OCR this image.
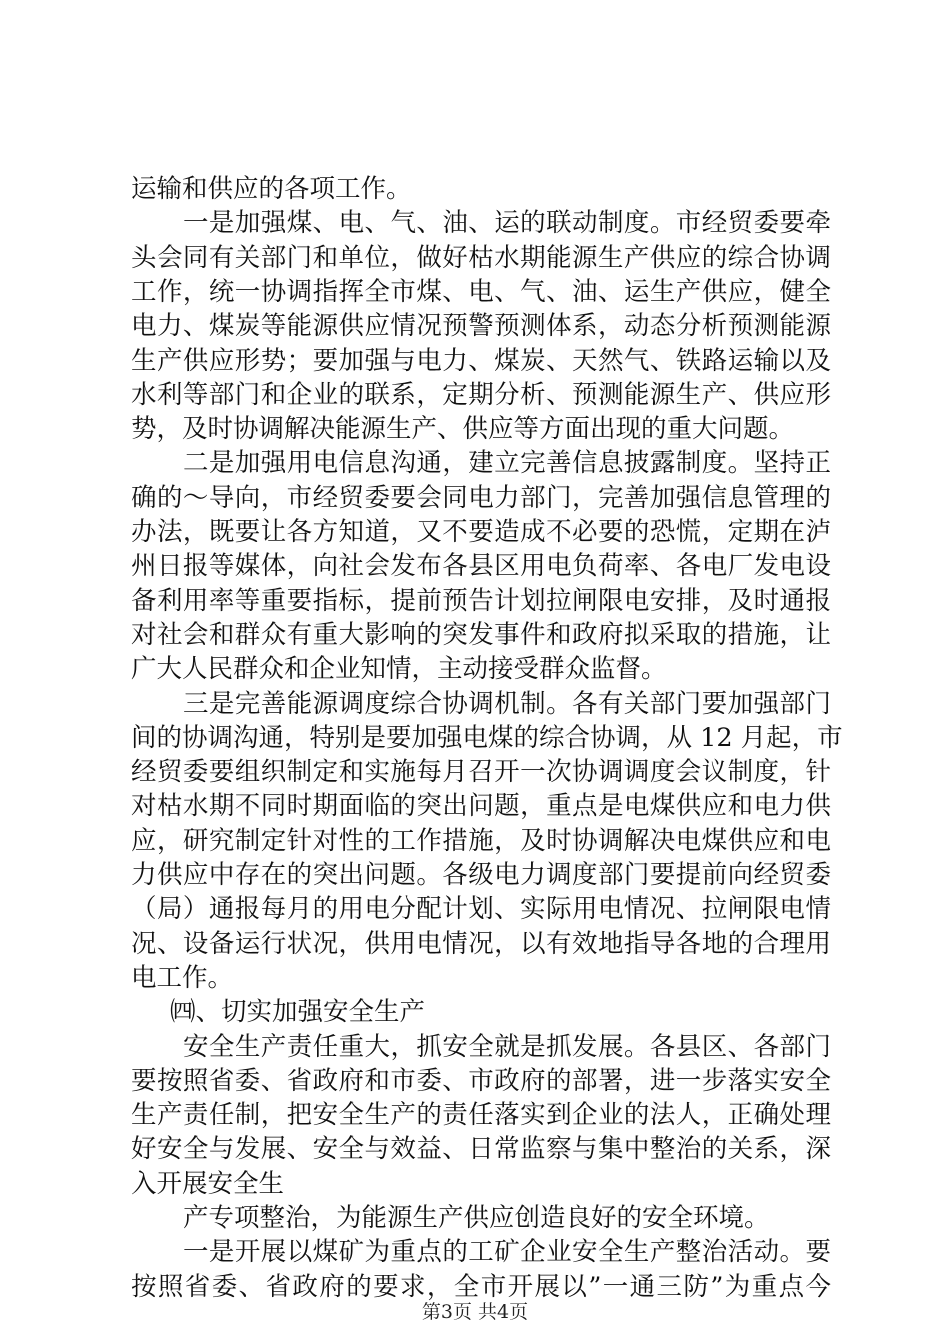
运输和供应的各项工作。
一是加强煤、电、气、油、运的联动制度。市经贸委要牵
头会同有关部门和单位，做好枯水期能源生产供应的综合协调
工作，统一协调指挥全市煤、电、气、油、运生产供应，健全
电力、煤炭等能源供应情况预警预测体系，动态分析预测能源
生产供应形势；要加强与电力、煤炭、天然气、铁路运输以及
水利等部门和企业的联系，定期分析、预测能源生产、供应形
势，及时协调解决能源生产、供应等方面出现的重大问题。
二是加强用电信息沟通，建立完善信息披露制度。坚持正
确的～导向，市经贸委要会同电力部门，完善加强信息管理的
办法，既要让各方知道，又不要造成不必要的恐慌，定期在泸
州日报等媒体，向社会发布各县区用电负荷率、各电厂发电设
备利用率等重要指标，提前预告计划拉闸限电安排，及时通报
对社会和群众有重大影响的突发事件和政府拟采取的措施，让
广大人民群众和企业知情，主动接受群众监督。
三是完善能源调度综合协调机制。各有关部门要加强部门
间的协调沟通，特别是要加强电煤的综合协调，从 12 月起，市
经贸委要组织制定和实施每月召开一次协调调度会议制度，针
对枯水期不同时期面临的突出问题，重点是电煤供应和电力供
应，研究制定针对性的工作措施，及时协调解决电煤供应和电
力供应中存在的突出问题。各级电力调度部门要提前向经贸委
（局）通报每月的用电分配计划、实际用电情况、拉闸限电情
况、设备运行状况，供用电情况，以有效地指导各地的合理用
电工作。
㈣、切实加强安全生产
安全生产责任重大，抓安全就是抓发展。各县区、各部门
要按照省委、省政府和市委、市政府的部署，进一步落实安全
生产责任制，把安全生产的责任落实到企业的法人，正确处理
好安全与发展、安全与效益、日常监察与集中整治的关系，深
入开展安全生
产专项整治，为能源生产供应创造良好的安全环境。
一是开展以煤矿为重点的工矿企业安全生产整治活动。要
按照省委、省政府的要求，全市开展以”一通三防”为重点今
第3页 共4页
